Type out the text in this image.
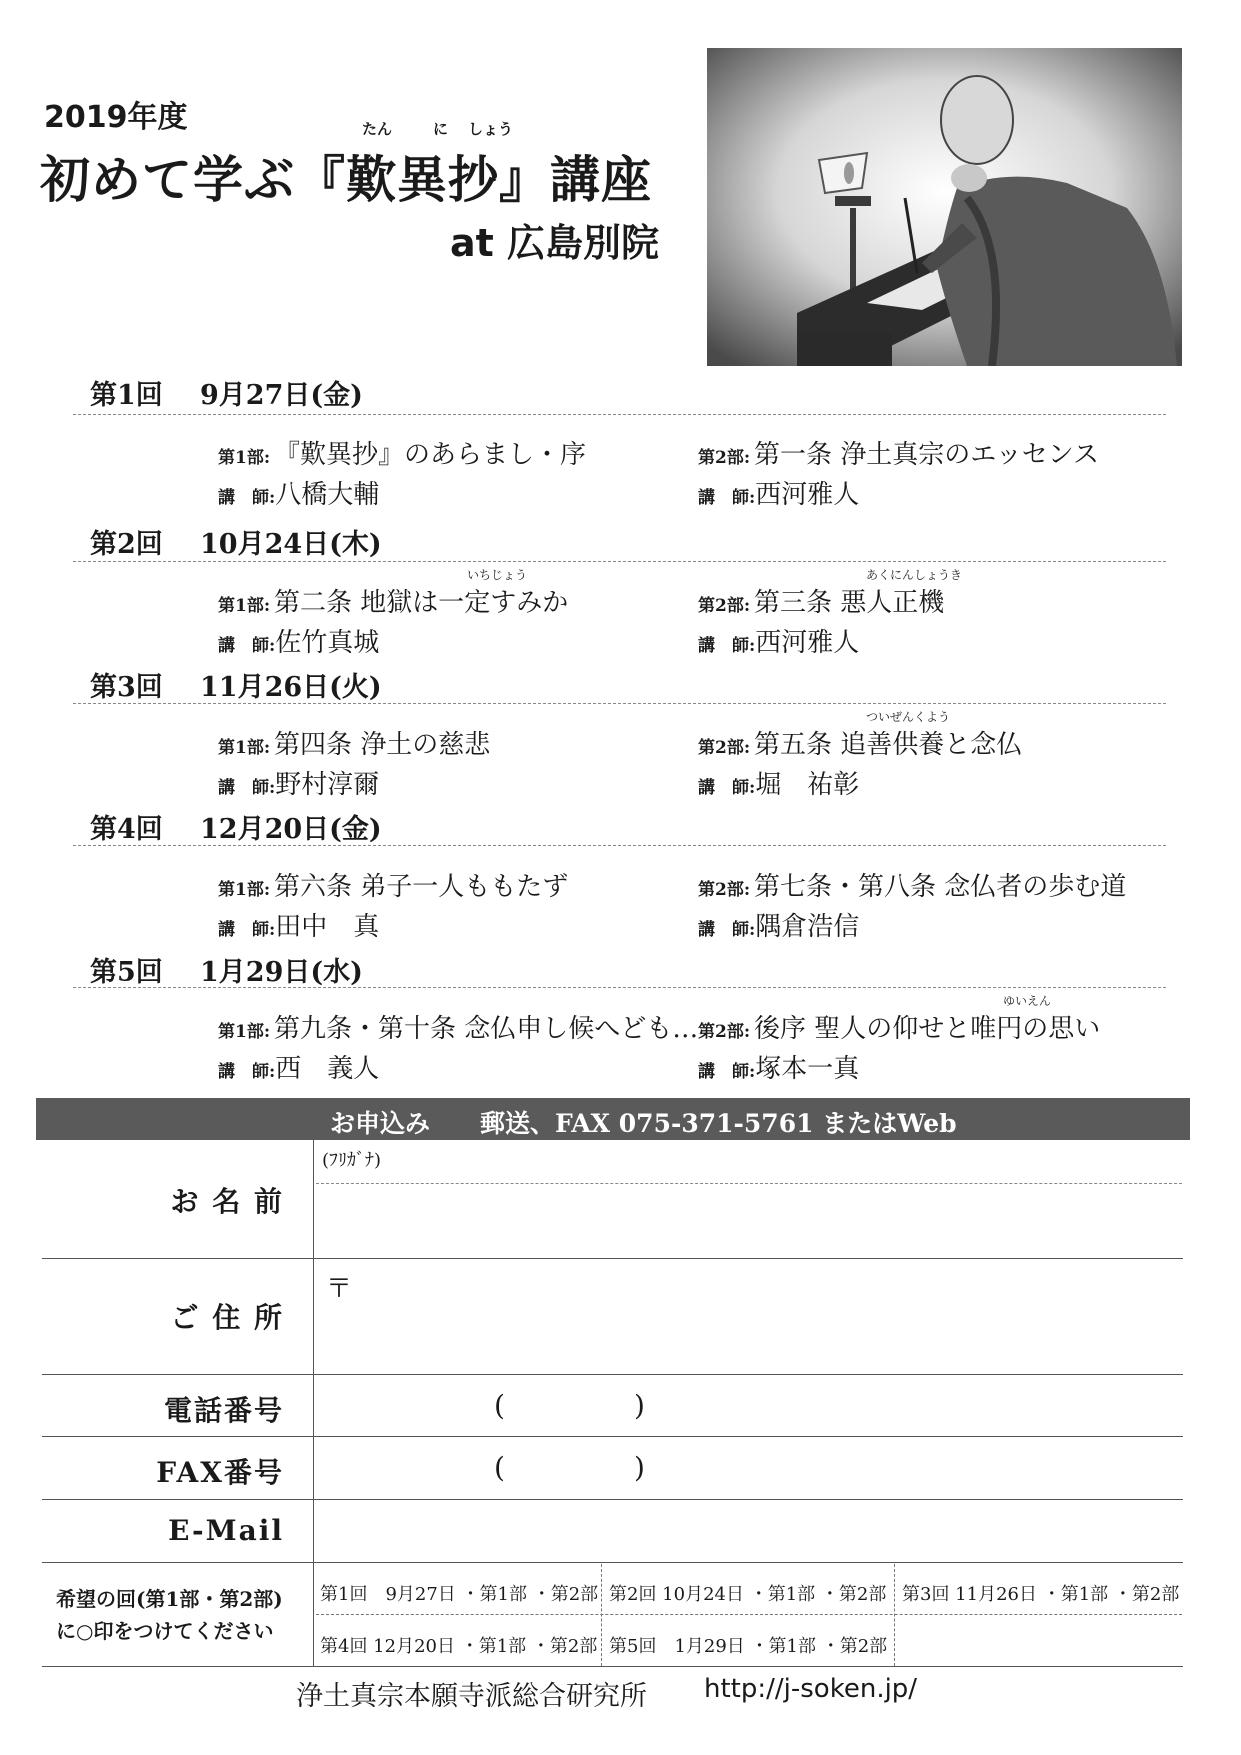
2019年度	たん	に しょう
初めて学ぶ『歎異抄』講座
at 広島別院
第1回 9月27日(金)
第1部: 『歎異抄』のあらまし・序
講　師:八橋大輔
第2部: 第一条 浄土真宗のエッセンス
講　師:西河雅人
第2回 10月24日(木)
いちじょう
第1部: 第二条 地獄は一定すみか
講　師:佐竹真城
あくにんしょうき
第2部: 第三条 悪人正機
講　師:西河雅人
第3回 11月26日(火)
第1部: 第四条 浄土の慈悲
講　師:野村淳爾
ついぜんくよう
第2部: 第五条 追善供養と念仏
講　師:堀　祐彰
第4回 12月20日(金)
第1部: 第六条 弟子一人ももたず
講　師:田中　真
第2部: 第七条・第八条 念仏者の歩む道
講　師:隅倉浩信
第5回 1月29日(水)
第1部: 第九条・第十条 念仏申し候へども…
講　師:西　義人
ゆいえん
第2部: 後序 聖人の仰せと唯円の思い
講　師:塚本一真
お申込み　　郵送、FAX 075-371-5761 またはWeb
お 名 前
(ﾌﾘｶﾞﾅ)
ご 住 所
〒
電話番号	(	)
FAX番号	(	)
E-Mail
希望の回(第1部・第2部)
に○印をつけてください
第1回　9月27日 ・第1部 ・第2部 第2回 10月24日 ・第1部 ・第2部 第3回 11月26日 ・第1部 ・第2部
第4回 12月20日 ・第1部 ・第2部 第5回　1月29日 ・第1部 ・第2部
浄土真宗本願寺派総合研究所 http://j-soken.jp/
